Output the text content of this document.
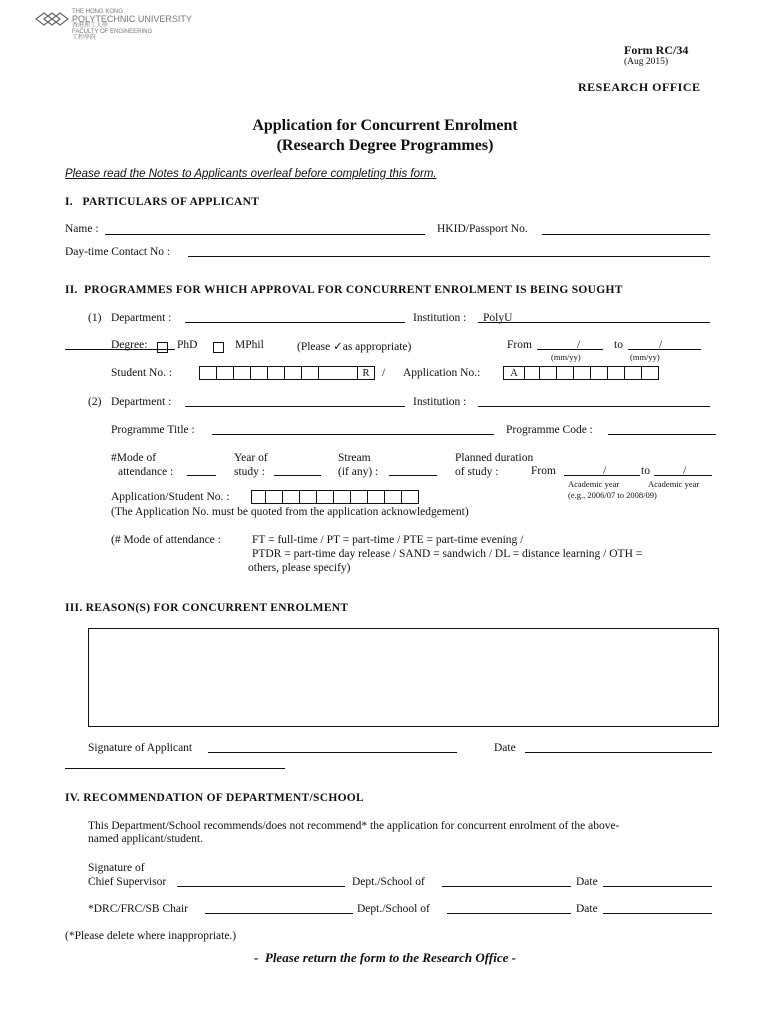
THE HONG KONG
POLYTECHNIC UNIVERSITY
香港理工大學
FACULTY OF ENGINEERING
工程學院
Form RC/34
(Aug 2015)
RESEARCH OFFICE
Application for Concurrent Enrolment
(Research Degree Programmes)
Please read the Notes to Applicants overleaf before completing this form.
I.   PARTICULARS OF APPLICANT
Name :	HKID/Passport No.
Day-time Contact No :
II.  PROGRAMMES FOR WHICH APPROVAL FOR CONCURRENT ENROLMENT IS BEING SOUGHT
(1) Department :	Institution : PolyU
Degree:	PhD	MPhil	(Please ✓as appropriate)	From	/	to	/
(mm/yy)	(mm/yy)
Student No. :	R	/ Application No.:	A
(2) Department :	Institution :
Programme Title :	Programme Code :
#Mode of
attendance :
Year of
study :
Stream
(if any) :
Planned duration
of study :	From	/	to	/
Academic year	Academic year
(e.g., 2006/07 to 2008/09)
Application/Student No. :
(The Application No. must be quoted from the application acknowledgement)
(# Mode of attendance :	FT = full-time / PT = part-time / PTE = part-time evening /
PTDR = part-time day release / SAND = sandwich / DL = distance learning / OTH =
others, please specify)
III. REASON(S) FOR CONCURRENT ENROLMENT
Signature of Applicant	Date
IV. RECOMMENDATION OF DEPARTMENT/SCHOOL
This Department/School recommends/does not recommend* the application for concurrent enrolment of the above-
named applicant/student.
Signature of
Chief Supervisor	Dept./School of	Date
*DRC/FRC/SB Chair	Dept./School of	Date
(*Please delete where inappropriate.)
-  Please return the form to the Research Office -
